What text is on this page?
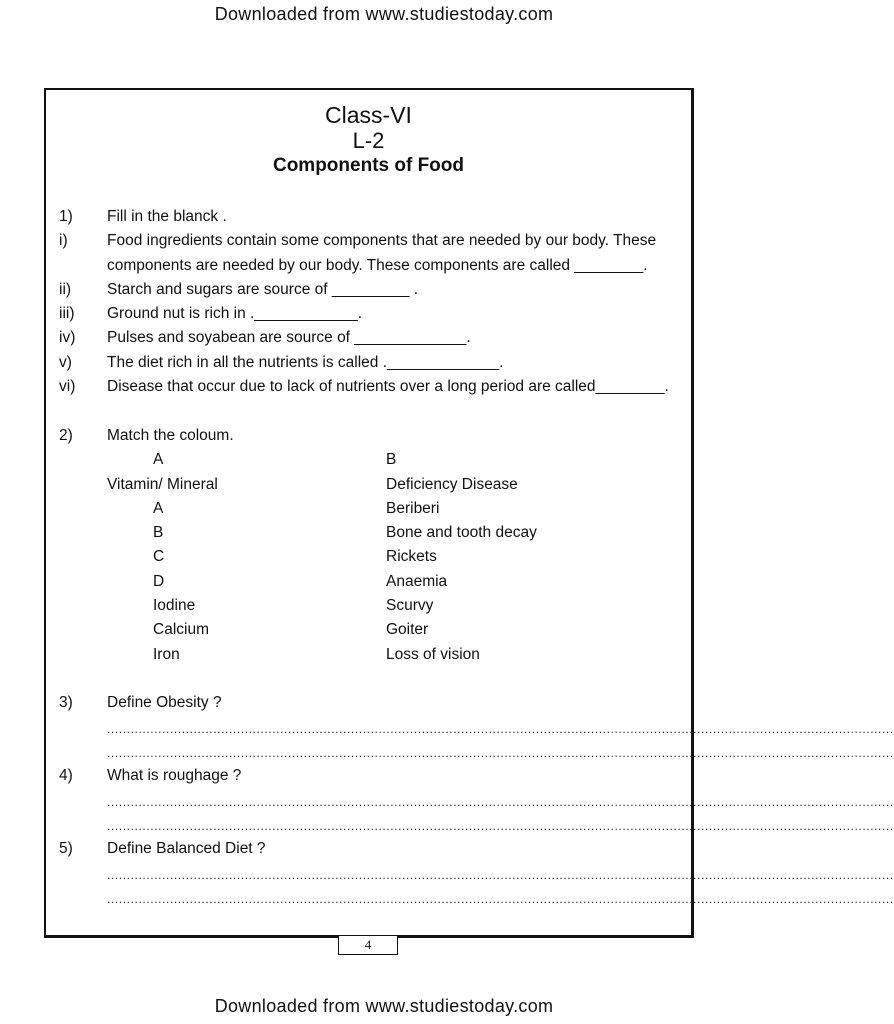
Downloaded from www.studiestoday.com
Class-VI
L-2
Components of Food
1) Fill in the blanck .
i)	Food ingredients contain some components that are needed by our body. These
components are needed by our body. These components are called ________.
ii) Starch and sugars are source of _________ .
iii) Ground nut is rich in .____________.
iv) Pulses and soyabean are source of _____________.
v) The diet rich in all the nutrients is called ._____________.
vi) Disease that occur due to lack of nutrients over a long period are called________.
2) Match the coloum.
A	B
Vitamin/ Mineral	Deficiency Disease
A	Beriberi
B	Bone and tooth decay
C	Rickets
D	Anaemia
Iodine	Scurvy
Calcium	Goiter
Iron	Loss of vision
3) Define Obesity ?
........................................................................................................................................................................................................
........................................................................................................................................................................................................
4) What is roughage ?
........................................................................................................................................................................................................
........................................................................................................................................................................................................
5) Define Balanced Diet ?
........................................................................................................................................................................................................
........................................................................................................................................................................................................
4
Downloaded from www.studiestoday.com
